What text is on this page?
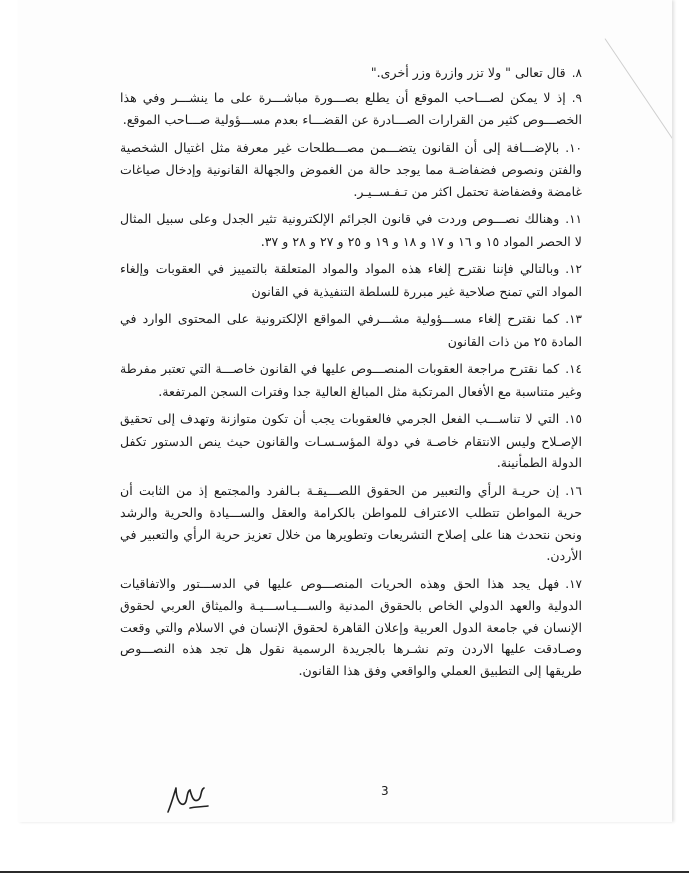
٨.قال تعالى " ولا تزر وازرة وزر أخرى."

٩.إذ لا يمكن لصـــاحب الموقع أن يطلع بصـــورة مباشـــرة على ما ينشـــر وفي هذا الخصـــوص كثير من القرارات الصـــادرة عن القضـــاء بعدم مســـؤولية صـــاحب الموقع.

١٠.بالإضـــافة إلى أن القانون يتضـــمن مصـــطلحات غير معرفة مثل اغتيال الشخصية والفتن ونصوص فضفاضـة مما يوجد حالة من الغموض والجهالة القانونية وإدخال صياغات غامضة وفضفاضة تحتمل اكثر من تـفـســيـر.

١١.وهنالك نصـــوص وردت في قانون الجرائم الإلكترونية تثير الجدل وعلى سبيل المثال لا الحصر المواد ١٥ و ١٦ و ١٧ و ١٨ و ١٩ و ٢٥ و ٢٧ و ٢٨ و ٣٧.

١٢.وبالتالي فإننا نقترح إلغاء هذه المواد والمواد المتعلقة بالتمييز في العقوبات وإلغاء المواد التي تمنح صلاحية غير مبررة للسلطة التنفيذية في القانون

١٣.كما نقترح إلغاء مســـؤولية مشـــرفي المواقع الإلكترونية على المحتوى الوارد في المادة ٢٥ من ذات القانون

١٤.كما نقترح مراجعة العقوبات المنصـــوص عليها في القانون خاصـــة التي تعتبر مفرطة وغير متناسبة مع الأفعال المرتكبة مثل المبالغ العالية جدا وفترات السجن المرتفعة.

١٥.التي لا تناســـب الفعل الجرمي فالعقوبات يجب أن تكون متوازنة وتهدف إلى تحقيق الإصـلاح وليس الانتقام خاصـة في دولة المؤسـسـات والقانون حيث ينص الدستور تكفل الدولة الطمأنينة.

١٦.إن حريـة الرأي والتعبير من الحقوق اللصـــيقـة بـالفرد والمجتمع إذ من الثابت أن حرية المواطن تتطلب الاعتراف للمواطن بالكرامة والعقل والســـيادة والحرية والرشد ونحن نتحدث هنا على إصلاح التشريعات وتطويرها من خلال تعزيز حرية الرأي والتعبير في الأردن.

١٧.فهل يجد هذا الحق وهذه الحريات المنصـــوص عليها في الدســـتور والاتفاقيات الدولية والعهد الدولي الخاص بالحقوق المدنية والســـيـاســـيـة والميثاق العربي لحقوق الإنسان في جامعة الدول العربية وإعلان القاهرة لحقوق الإنسان في الاسلام والتي وقعت وصـادقت عليها الاردن وتم نشـرها بالجريدة الرسمية نقول هل تجد هذه النصـــوص طريقها إلى التطبيق العملي والواقعي وفق هذا القانون.

3
